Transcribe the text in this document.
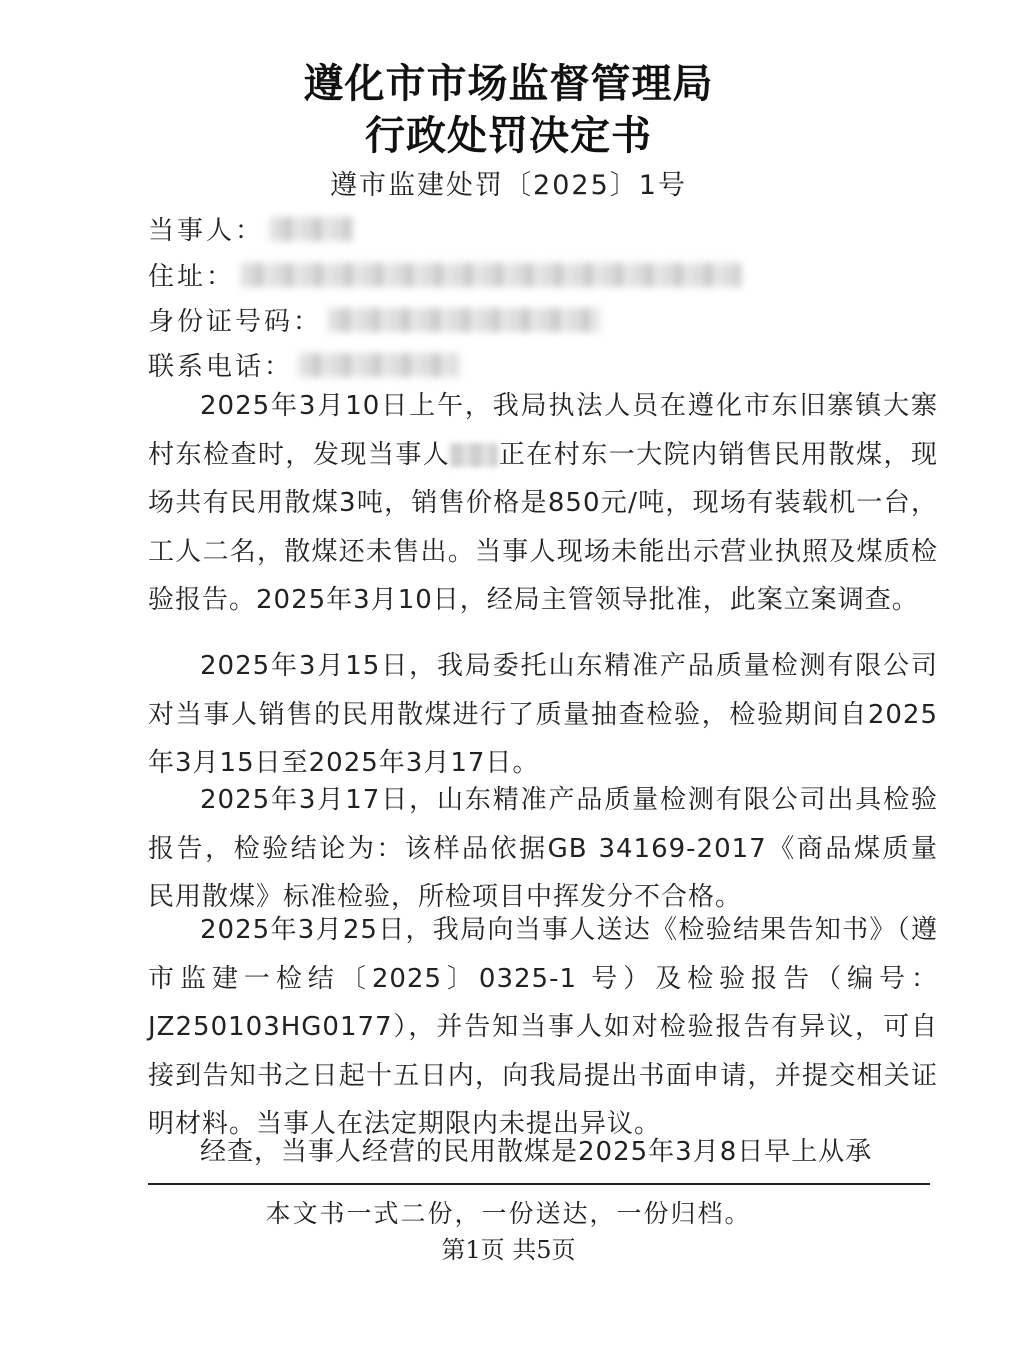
遵化市市场监督管理局
行政处罚决定书
遵市监建处罚〔2025〕1号
当事人：
住址：
身份证号码：
联系电话：

2025年3月10日上午，我局执法人员在遵化市东旧寨镇大寨村东检查时，发现当事人 正在村东一大院内销售民用散煤，现场共有民用散煤3吨，销售价格是850元/吨，现场有装载机一台，工人二名，散煤还未售出。当事人现场未能出示营业执照及煤质检验报告。2025年3月10日，经局主管领导批准，此案立案调查。

2025年3月15日，我局委托山东精准产品质量检测有限公司对当事人销售的民用散煤进行了质量抽查检验，检验期间自2025年3月15日至2025年3月17日。

2025年3月17日，山东精准产品质量检测有限公司出具检验报告，检验结论为：该样品依据GB 34169-2017《商品煤质量 民用散煤》标准检验，所检项目中挥发分不合格。

2025年3月25日，我局向当事人送达《检验结果告知书》（遵市监建一检结〔2025〕0325-1 号）及检验报告（编号：JZ250103HG0177），并告知当事人如对检验报告有异议，可自接到告知书之日起十五日内，向我局提出书面申请，并提交相关证明材料。当事人在法定期限内未提出异议。

经查，当事人经营的民用散煤是2025年3月8日早上从承

本文书一式二份，一份送达，一份归档。
第1页 共5页
